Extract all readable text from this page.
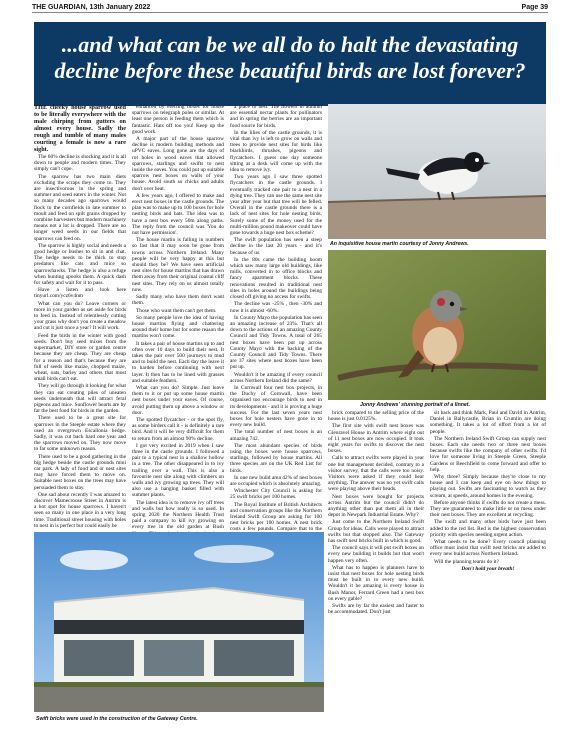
THE GUARDIAN, 13th January 2022	Page 39
...and what can be we all do to halt the devastating
decline before these beautiful birds are lost forever?

THE cheeky house sparrow used to be literally everywhere with the male chirping from gutters on almost every house. Sadly the rough and tumble of many males courting a female is now a rare sight.

The 60% decline is shocking and it is all down to people and modern times. They simply can't cope.

The sparrow has two main diets excluding the scraps they come to. They are insectivorous in the spring and summer and seed eaters in the winter. Not so many decades ago sparrows would flock to the cornfields in late summer to moult and feed on spilt grains dropped by combine harvesters but modern machinery means not a lot is dropped. There are no longer weed seeds in our fields that sparrows can feed on.

The sparrow is highly social and needs a good hedge or bushes to sit in and chat. The hedge needs to be thick to stop predators like cats and mice so sparrowhawks. The hedge is also a refuge when hunting spooks them. A quick dash for safety and wait for it to pass.

Have a listen and look here tinyurl.com/ycz6v4nm

What can you do? Leave corners or more in your garden as set aside for birds to feed in. Instead of relentlessly cutting your grass why don't you create a meadow and cut it just once a year? It will work.

Feed the birds in the winter with good seeds. Don't buy seed mixes from the supermarket, DIY store or garden centre because they are cheap. They are cheap for a reason and that's because they are full of seeds like maize, chopped maize, wheat, oats, barley and others that most small birds can't eat.

They will go through it looking for what they can eat creating piles of uneaten seeds underneath that will attract feral pigeons and mice. Sunflower hearts are by far the best food for birds in the garden.

There used to be a great site for sparrows in the Steeple estate where they used an overgrown Escallonia hedge. Sadly, it was cut back hard one year and the sparrows moved on. They now move to far some unknown reason.

There used to be a good gathering in the big hedge beside the castle grounds mini car park. A lady of food and or nest sites may have forced them to move on. Suitable nest boxes on the trees may have persuaded them to stay.

One sad about recently I was amazed to discover Mamecroose Street in Antrim is a hot spot for house sparrows. I haven't seen so many in one place in a very long time. Traditional street housing with holes to nest in is perfect but could easily be

enhanced by erecting boxes for house sparrows on telegraph poles or similar. At least one person is feeding them which is fantastic. Hats off too you! Keep up the good work.

A major part of the house sparrow decline is modern building methods and uPVC eaves. Long gone are the days of rot holes in wood eaves that allowed sparrows, starlings and swifts to nest inside the eaves. You could put up suitable sparrow nest boxes on walls of your house. Avoid south so chicks and adults don't over heat.

A few years ago, I offered to make and erect nest boxes in the castle grounds. The plan was to make up to 100 boxes for hole nesting birds and bats. The idea was to have a nest box every 50m along paths. The reply from the council was 'You do not have permission'.

The house martin is falling in numbers so fast that it may soon be gone from towns across Northern Ireland. Many people will be very happy at this but should they be? We have seen artificial nest sites for house martins that has drawn them away from their original coastal cliff nest sites. They rely on us almost totally now.

Sadly many who have them don't want them.

Those who want them can't get them.

So many people love the idea of having house martins flying and chattering around their home but for some reason the martins won't come.

It takes a pair of house martins up to and often over 10 days to build their nest. It takes the pair over 500 journeys to mud and to build the nest. Each day the leave it to harden before continuing with next layer. It then has to be lined with grasses and suitable feathers.

What can you do? Simple. Just leave them to it or put up some house martin nest boxes under your eaves. Of course, avoid putting them up above a window or door.

The spotted flycatcher - or the spot fly, as some birders call it - is definitely a rare bird. And it will be very difficult for them to return from an almost 90% decline.

I got very excited in 2019 when I saw three in the castle grounds. I followed a pair to a typical nest in a shallow hollow in a tree. The other disappeared in to ivy trailing over a wall. This is also a favourite nest site along with climbers on walls and ivy growing up trees. They will also use a hanging basket filled with summer plants.

The latest idea is to remove ivy off trees and walls but how really is so used. In spring 2020 the Northern Health Trust paid a company to kill ivy growing on every tree in the old garden at Bush

a place to nest. The flowers in autumn are essential nectar plants for pollinators and in spring the berries are an important food source for birds.

In the lilies of the castle grounds, it is vital than ivy is left to grow on walls and trees to provide nest sites for birds like blackbirds, thrushes, pigeons and flycatchers. I guess one day someone sitting at a desk will come up with the idea to remove ivy.

Two years ago I saw three spotted flycatchers in the castle grounds. I eventually tracked one pair to a nest in a dying tree. They can use the same nest site year after year but that tree will be felled. Overall in the castle grounds there is a lack of nest sites for hole nesting birds. Surely some of the money used for the multi-million pound makeover could have gone towards a huge nest box scheme?

The swift population has seen a steep decline in the last 20 years - and it's because of us.

In the 80s came the building boom which saw many large old buildings, like mills, converted in to office blocks and fancy apartment blocks. These renovations resulted in traditional nest sites in holes around the buildings being closed off giving no access for swifts.

The decline was -25% , then -30% and now it is almost -60%.

In County Mayo the population has seen an amazing increase of 23%. That's all down to the actions of an amazing County Council and Tidy Towns. A total of 265 nest boxes have been put up across County Mayo with the backing of the County Council and Tidy Towns. There are 37 sites where nest boxes have been put up.

Wouldn't it be amazing if every council across Northern Ireland did the same?

In Cornwall four nest box projects, in the Duchy of Cornwall, have been organised too encourage birds to nest in its developments - and it is proving a huge success. For the last seven years nest boxes for hole nesters have gone in to every new build.

The total number of nest boxes is an amazing 742.

The most abundant species of birds using the boxes were house sparrows, starlings, followed by house martins. All three species are on the UK Red List for birds.

In one new build area 42% of nest boxes are occupied which is absolutely amazing.

Winchester City Council is asking for 25 swift bricks per 100 homes.

The Royal Institute of British Architects and conservation groups like the Northern Ireland Swift Group are asking for 100 nest bricks per 100 homes. A nest brick costs a few pounds. Compare that to the

brick compared to the selling price of the house is just 0.0125%.

The first site with swift nest boxes was Glenravel House in Antrim where eight out of 11 nest boxes are now occupied. It took eight years for swifts to discover the nest boxes.

Calls to attract swifts were played in year one but management decided, contrary to a visitor survey, that the calls were too noisy. Visitors were asked if they could hear anything. The answer was no yet swift calls were playing above their heads.

Nest boxes were bought for projects across Antrim but the council didn't do anything other than put them all in their depot in Newpark Industrial Estate. Why?

Just come to the Northern Ireland Swift Group for ideas. Calls were played to attract swifts but that stopped also. The Gateway has swift nest bricks built in which is good.

The council says it will put swift boxes on every new building it builds but that won't happen very often.

What has to happen is planners have to insist that nest boxes for hole nesting birds must be built in to every new build. Wouldn't it be amazing is every house in Bush Manor, Ferrard Green had a nest box on every gable?

Swifts are by far the easiest and faster to be accommodated. Don't just

sit back and think Mark, Paul and David in Antrim, Daniel in Ballycastle, Brian in Crumlin are doing something. It takes a lot of effort from a lot of people.

The Northern Ireland Swift Group can supply nest boxes. Each site needs two or three nest boxes because swifts like the company of other swifts. I'd love for someone living in Steeple Green, Steeple Gardens or Beechfield to come forward and offer to help.

Why three? Simply because they're close to my house and I can keep and eye on how things to playing out. Swifts are fascinating to watch as they scream, at speeds, around homes in the evening.

Before anyone thinks if swifts do not create a mess. They are guaranteed to make little or no mess under their nest boxes. They are excellent at recycling.

The swift and many other birds have just been added to the red list. Red is the highest conservation priority with species needing urgent action.

What needs to be done? Every council planning office must insist that swift nest bricks are added to every new build across Northern Ireland.

Will the planning teams do it?

Don't hold your breath!

An inquisitive house martin courtesy of Jonny Andrews.
Jonny Andrews' stunning portrait of a linnet.
Swift bricks were used in the construction of the Gateway Centre.
